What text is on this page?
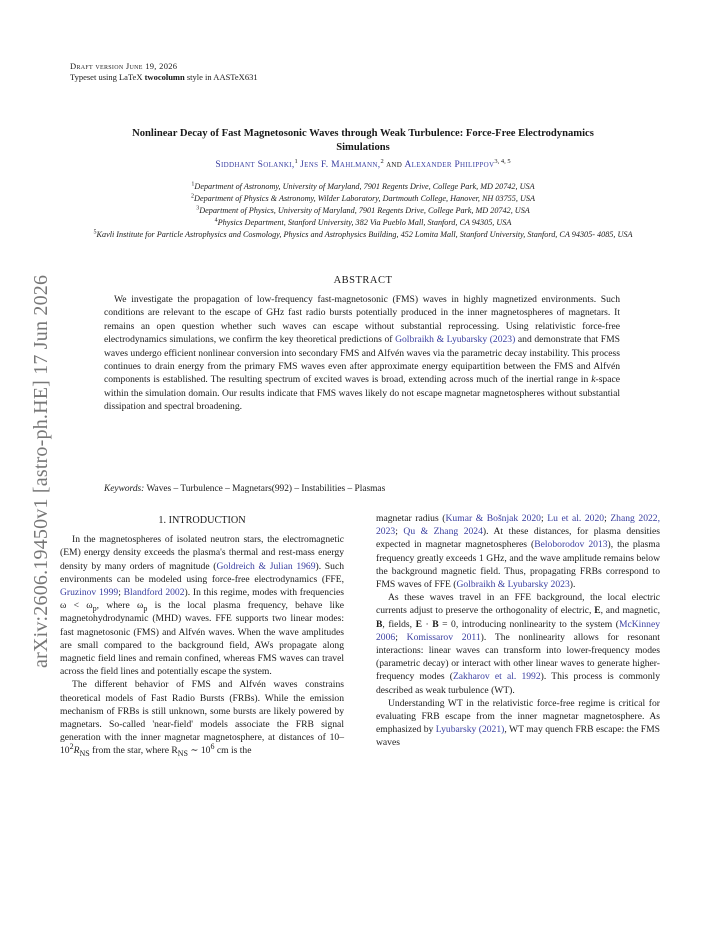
arXiv:2606.19450v1 [astro-ph.HE] 17 Jun 2026
Draft version June 19, 2026
Typeset using LaTeX twocolumn style in AASTeX631
Nonlinear Decay of Fast Magnetosonic Waves through Weak Turbulence: Force-Free Electrodynamics
Simulations
Siddhant Solanki,$^1$ Jens F. Mahlmann,$^2$ and Alexander Philippov$^{3, 4, 5}$
$^1$Department of Astronomy, University of Maryland, 7901 Regents Drive, College Park, MD 20742, USA
$^2$Department of Physics & Astronomy, Wilder Laboratory, Dartmouth College, Hanover, NH 03755, USA
$^3$Department of Physics, University of Maryland, 7901 Regents Drive, College Park, MD 20742, USA
$^4$Physics Department, Stanford University, 382 Via Pueblo Mall, Stanford, CA 94305, USA
$^5$Kavli Institute for Particle Astrophysics and Cosmology, Physics and Astrophysics Building, 452 Lomita Mall, Stanford University, Stanford, CA 94305- 4085, USA
ABSTRACT
We investigate the propagation of low-frequency fast-magnetosonic (FMS) waves in highly magnetized environments. Such conditions are relevant to the escape of GHz fast radio bursts potentially produced in the inner magnetospheres of magnetars. It remains an open question whether such waves can escape without substantial reprocessing. Using relativistic force-free electrodynamics simulations, we confirm the key theoretical predictions of Golbraikh & Lyubarsky (2023) and demonstrate that FMS waves undergo efficient nonlinear conversion into secondary FMS and Alfvén waves via the parametric decay instability. This process continues to drain energy from the primary FMS waves even after approximate energy equipartition between the FMS and Alfvén components is established. The resulting spectrum of excited waves is broad, extending across much of the inertial range in k-space within the simulation domain. Our results indicate that FMS waves likely do not escape magnetar magnetospheres without substantial dissipation and spectral broadening.
Keywords: Waves – Turbulence – Magnetars(992) – Instabilities – Plasmas
1. INTRODUCTION

In the magnetospheres of isolated neutron stars, the electromagnetic (EM) energy density exceeds the plasma's thermal and rest-mass energy density by many orders of magnitude (Goldreich & Julian 1969). Such environments can be modeled using force-free electrodynamics (FFE, Gruzinov 1999; Blandford 2002). In this regime, modes with frequencies $\omega < \omega_p$, where $\omega_p$ is the local plasma frequency, behave like magnetohydrodynamic (MHD) waves. FFE supports two linear modes: fast magnetosonic (FMS) and Alfvén waves. When the wave amplitudes are small compared to the background field, AWs propagate along magnetic field lines and remain confined, whereas FMS waves can travel across the field lines and potentially escape the system.

The different behavior of FMS and Alfvén waves constrains theoretical models of Fast Radio Bursts (FRBs). While the emission mechanism of FRBs is still unknown, some bursts are likely powered by magnetars. So-called 'near-field' models associate the FRB signal generation with the inner magnetar magnetosphere, at distances of $10-10^2R_{NS}$ from the star, where $R_{NS}$ ∼ $10^6$ cm is the

magnetar radius (Kumar & Bošnjak 2020; Lu et al. 2020; Zhang 2022, 2023; Qu & Zhang 2024). At these distances, for plasma densities expected in magnetar magnetospheres (Beloborodov 2013), the plasma frequency greatly exceeds 1 GHz, and the wave amplitude remains below the background magnetic field. Thus, propagating FRBs correspond to FMS waves of FFE (Golbraikh & Lyubarsky 2023).

As these waves travel in an FFE background, the local electric currents adjust to preserve the orthogonality of electric, E, and magnetic, B, fields, E · B = 0, introducing nonlinearity to the system (McKinney 2006; Komissarov 2011). The nonlinearity allows for resonant interactions: linear waves can transform into lower-frequency modes (parametric decay) or interact with other linear waves to generate higher-frequency modes (Zakharov et al. 1992). This process is commonly described as weak turbulence (WT).

Understanding WT in the relativistic force-free regime is critical for evaluating FRB escape from the inner magnetar magnetosphere. As emphasized by Lyubarsky (2021), WT may quench FRB escape: the FMS waves
